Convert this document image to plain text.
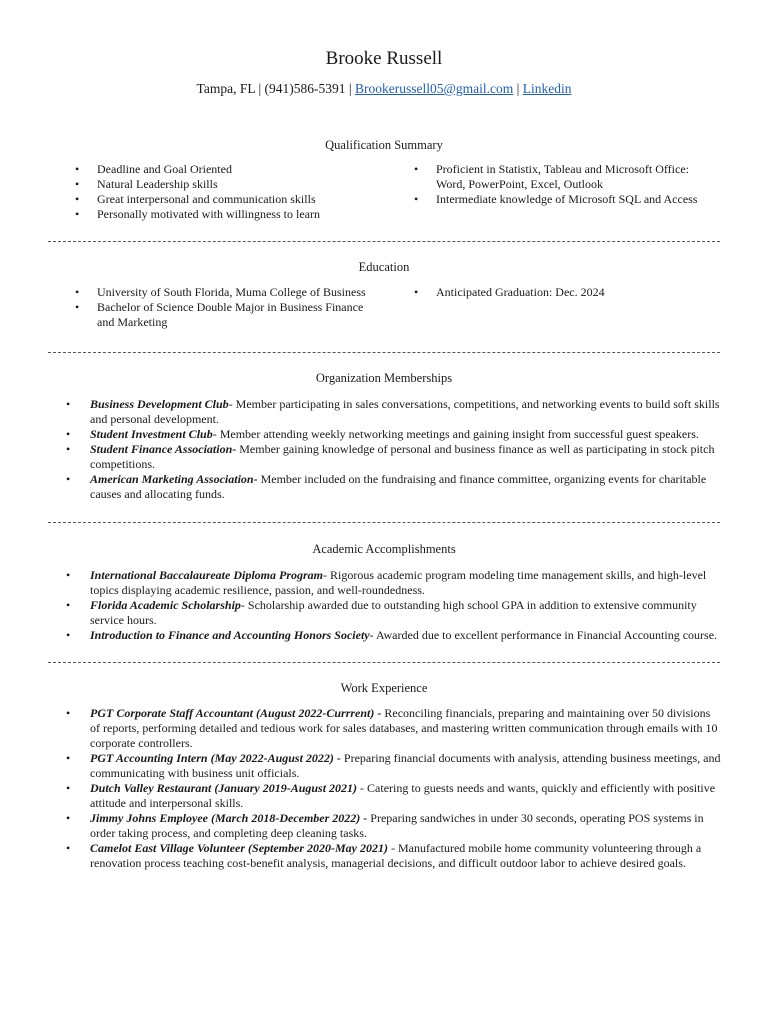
Brooke Russell
Tampa, FL | (941)586-5391 | Brookerussell05@gmail.com | Linkedin
Qualification Summary
• Deadline and Goal Oriented
• Natural Leadership skills
• Great interpersonal and communication skills
• Personally motivated with willingness to learn
• Proficient in Statistix, Tableau and Microsoft Office: Word, PowerPoint, Excel, Outlook
• Intermediate knowledge of Microsoft SQL and Access
Education
• University of South Florida, Muma College of Business
• Bachelor of Science Double Major in Business Finance and Marketing
• Anticipated Graduation: Dec. 2024
Organization Memberships
• Business Development Club- Member participating in sales conversations, competitions, and networking events to build soft skills and personal development.
• Student Investment Club- Member attending weekly networking meetings and gaining insight from successful guest speakers.
• Student Finance Association- Member gaining knowledge of personal and business finance as well as participating in stock pitch competitions.
• American Marketing Association- Member included on the fundraising and finance committee, organizing events for charitable causes and allocating funds.
Academic Accomplishments
• International Baccalaureate Diploma Program- Rigorous academic program modeling time management skills, and high-level topics displaying academic resilience, passion, and well-roundedness.
• Florida Academic Scholarship- Scholarship awarded due to outstanding high school GPA in addition to extensive community service hours.
• Introduction to Finance and Accounting Honors Society- Awarded due to excellent performance in Financial Accounting course.
Work Experience
• PGT Corporate Staff Accountant (August 2022-Currrent) - Reconciling financials, preparing and maintaining over 50 divisions of reports, performing detailed and tedious work for sales databases, and mastering written communication through emails with 10 corporate controllers.
• PGT Accounting Intern (May 2022-August 2022) - Preparing financial documents with analysis, attending business meetings, and communicating with business unit officials.
• Dutch Valley Restaurant (January 2019-August 2021) - Catering to guests needs and wants, quickly and efficiently with positive attitude and interpersonal skills.
• Jimmy Johns Employee (March 2018-December 2022) - Preparing sandwiches in under 30 seconds, operating POS systems in order taking process, and completing deep cleaning tasks.
• Camelot East Village Volunteer (September 2020-May 2021) - Manufactured mobile home community volunteering through a renovation process teaching cost-benefit analysis, managerial decisions, and difficult outdoor labor to achieve desired goals.
